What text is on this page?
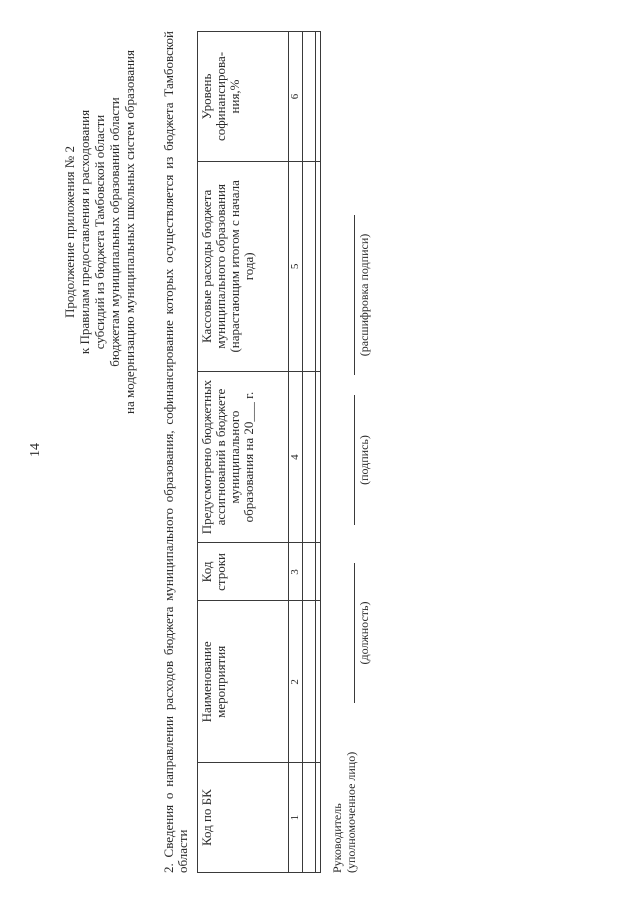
14
Продолжение приложения № 2 к Правилам предоставления и расходования субсидий из бюджета Тамбовской области бюджетам муниципальных образований области на модернизацию муниципальных школьных систем образования 2. Сведения о направлении расходов бюджета муниципального образования, софинансирование которых осуществляется из бюджета Тамбовской области

Код по БК	Наименование мероприятия	Код строки	Предусмотрено бюджетных ассигнований в бюджете муниципального образования на 20___ г.	Кассовые расходы бюджета муниципального образования (нарастающим итогом с начала года)	Уровень софинансирова-ния,%
1	2	3	4	5	6

Руководитель (уполномоченное лицо)
(должность)
(подпись)
(расшифровка подписи)
